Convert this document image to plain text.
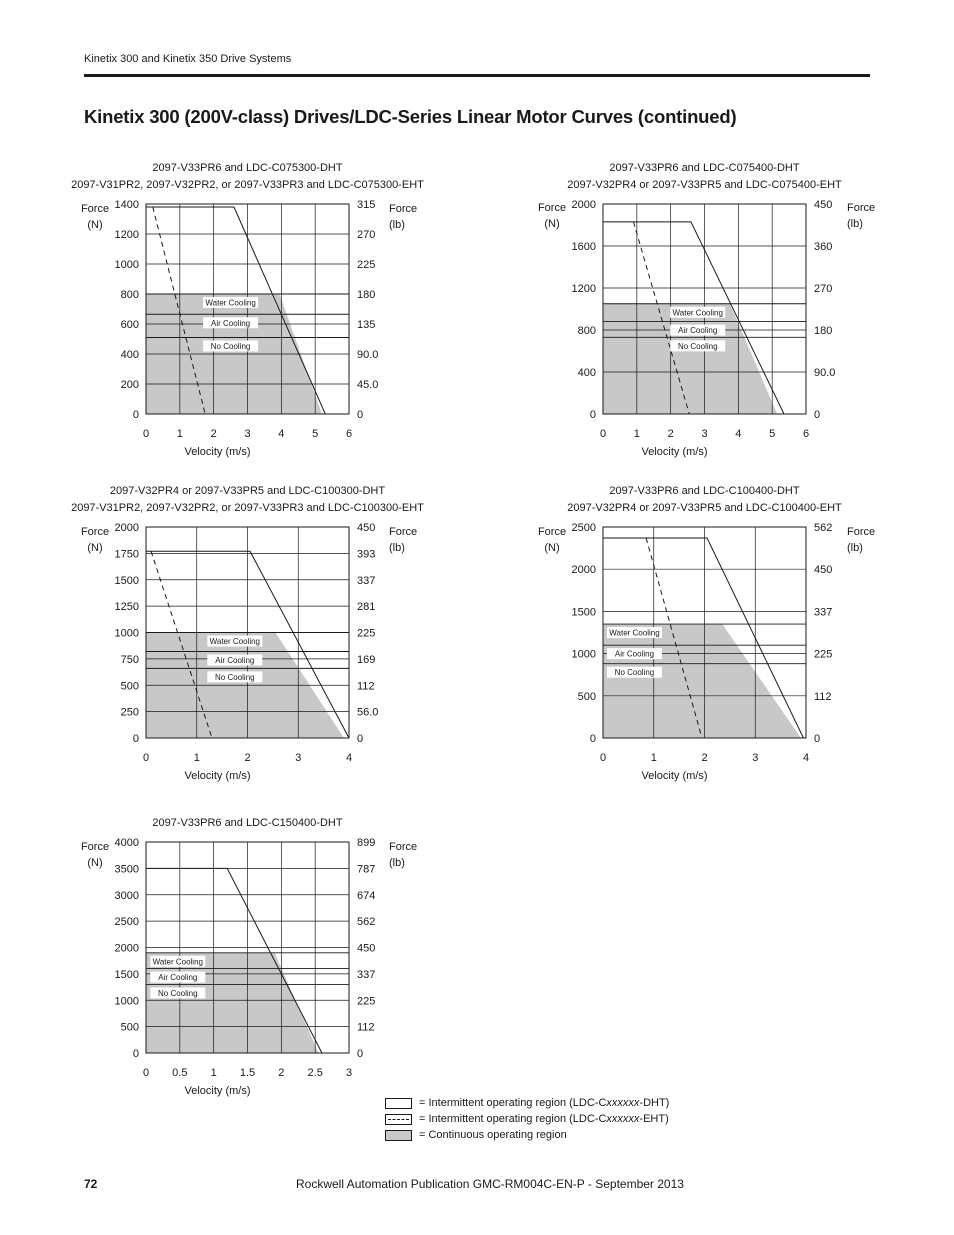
Kinetix 300 and Kinetix 350 Drive Systems
Kinetix 300 (200V-class) Drives/LDC-Series Linear Motor Curves (continued)
2097-V33PR6 and LDC-C075300-DHT
2097-V31PR2, 2097-V32PR2, or 2097-V33PR3 and LDC-C075300-EHT
Water Cooling
Air Cooling
No Cooling
0
200
400
600
800
1000
1200
1400
0
45.0
90.0
135
180
225
270
315
0	1	2	3	4	5	6
Force
(N)
Force
(lb)
Velocity (m/s)
2097-V33PR6 and LDC-C075400-DHT
2097-V32PR4 or 2097-V33PR5 and LDC-C075400-EHT
Water Cooling
Air Cooling
No Cooling
0
400
800
1200
1600
2000
0
90.0
180
270
360
450
0	1	2	3	4	5	6
Force
(N)
Force
(lb)
Velocity (m/s)
2097-V32PR4 or 2097-V33PR5 and LDC-C100300-DHT
2097-V31PR2, 2097-V32PR2, or 2097-V33PR3 and LDC-C100300-EHT
Water Cooling
Air Cooling
No Cooling
0
250
500
750
1000
1250
1500
1750
2000
0
56.0
112
169
225
281
337
393
450
0	1	2	3	4
Force
(N)
Force
(lb)
Velocity (m/s)
2097-V33PR6 and LDC-C100400-DHT
2097-V32PR4 or 2097-V33PR5 and LDC-C100400-EHT
Water Cooling
Air Cooling
No Cooling
0
500
1000
1500
2000
2500
0
112
225
337
450
562
0	1	2	3	4
Force
(N)
Force
(lb)
Velocity (m/s)
2097-V33PR6 and LDC-C150400-DHT
Water Cooling
Air Cooling
No Cooling
0
500
1000
1500
2000
2500
3000
3500
4000
0
112
225
337
450
562
674
787
899
0 0.5 1 1.5 2 2.5 3
Force
(N)
Force
(lb)
Velocity (m/s)
= Intermittent operating region (LDC-Cxxxxxx-DHT)
= Intermittent operating region (LDC-Cxxxxxx-EHT)
= Continuous operating region
72	Rockwell Automation Publication GMC-RM004C-EN-P - September 2013
